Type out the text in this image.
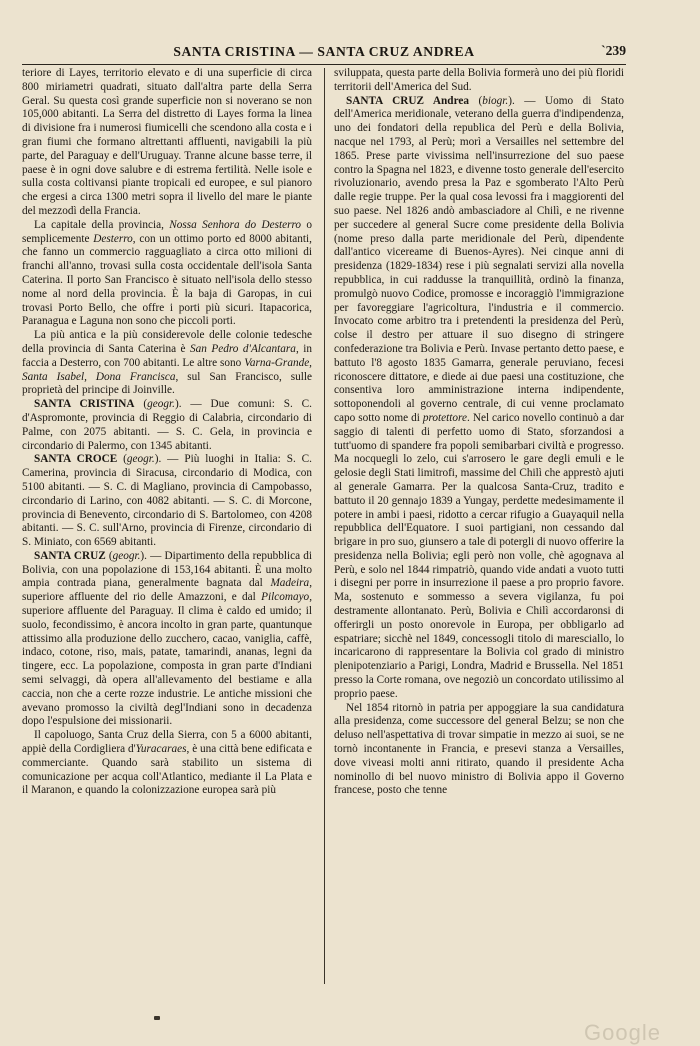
SANTA CRISTINA — SANTA CRUZ ANDREA	`239

teriore di Layes, territorio elevato e di una superficie di circa 800 miriametri quadrati, situato dall'altra parte della Serra Geral. Su questa così grande superficie non si noverano se non 105,000 abitanti. La Serra del distretto di Layes forma la linea di divisione fra i numerosi fiumicelli che scendono alla costa e i gran fiumi che formano altrettanti affluenti, navigabili la più parte, del Paraguay e dell'Uruguay. Tranne alcune basse terre, il paese è in ogni dove salubre e di estrema fertilità. Nelle isole e sulla costa coltivansi piante tropicali ed europee, e sul pianoro che ergesi a circa 1300 metri sopra il livello del mare le piante del mezzodì della Francia.

La capitale della provincia, Nossa Senhora do Desterro o semplicemente Desterro, con un ottimo porto ed 8000 abitanti, che fanno un commercio ragguagliato a circa otto milioni di franchi all'anno, trovasi sulla costa occidentale dell'isola Santa Caterina. Il porto San Francisco è situato nell'isola dello stesso nome al nord della provincia. È la baja di Garopas, in cui trovasi Porto Bello, che offre i porti più sicuri. Itapacorica, Paranagua e Laguna non sono che piccoli porti.

La più antica e la più considerevole delle colonie tedesche della provincia di Santa Caterina è San Pedro d'Alcantara, in faccia a Desterro, con 700 abitanti. Le altre sono Varna-Grande, Santa Isabel, Dona Francisca, sul San Francisco, sulle proprietà del principe di Joinville.

SANTA CRISTINA (geogr.). — Due comuni: S. C. d'Aspromonte, provincia di Reggio di Calabria, circondario di Palme, con 2075 abitanti. — S. C. Gela, in provincia e circondario di Palermo, con 1345 abitanti.

SANTA CROCE (geogr.). — Più luoghi in Italia: S. C. Camerina, provincia di Siracusa, circondario di Modica, con 5100 abitanti. — S. C. di Magliano, provincia di Campobasso, circondario di Larino, con 4082 abitanti. — S. C. di Morcone, provincia di Benevento, circondario di S. Bartolomeo, con 4208 abitanti. — S. C. sull'Arno, provincia di Firenze, circondario di S. Miniato, con 6569 abitanti.

SANTA CRUZ (geogr.). — Dipartimento della repubblica di Bolivia, con una popolazione di 153,164 abitanti. È una molto ampia contrada piana, generalmente bagnata dal Madeira, superiore affluente del rio delle Amazzoni, e dal Pilcomayo, superiore affluente del Paraguay. Il clima è caldo ed umido; il suolo, fecondissimo, è ancora incolto in gran parte, quantunque attissimo alla produzione dello zucchero, cacao, vaniglia, caffè, indaco, cotone, riso, mais, patate, tamarindi, ananas, legni da tingere, ecc. La popolazione, composta in gran parte d'Indiani semi selvaggi, dà opera all'allevamento del bestiame e alla caccia, non che a certe rozze industrie. Le antiche missioni che avevano promosso la civiltà degl'Indiani sono in decadenza dopo l'espulsione dei missionarii.

Il capoluogo, Santa Cruz della Sierra, con 5 a 6000 abitanti, appiè della Cordigliera d'Yuracaraes, è una città bene edificata e commerciante. Quando sarà stabilito un sistema di comunicazione per acqua coll'Atlantico, mediante il La Plata e il Maranon, e quando la colonizzazione europea sarà più

sviluppata, questa parte della Bolivia formerà uno dei più floridi territorii dell'America del Sud.

SANTA CRUZ Andrea (biogr.). — Uomo di Stato dell'America meridionale, veterano della guerra d'indipendenza, uno dei fondatori della republica del Perù e della Bolivia, nacque nel 1793, al Perù; morì a Versailles nel settembre del 1865. Prese parte vivissima nell'insurrezione del suo paese contro la Spagna nel 1823, e divenne tosto generale dell'esercito rivoluzionario, avendo presa la Paz e sgomberato l'Alto Perù dalle regie truppe. Per la qual cosa levossi fra i maggiorenti del suo paese. Nel 1826 andò ambasciadore al Chilì, e ne rivenne per succedere al general Sucre come presidente della Bolivia (nome preso dalla parte meridionale del Perù, dipendente dall'antico vicereame di Buenos-Ayres). Nei cinque anni di presidenza (1829-1834) rese i più segnalati servizi alla novella repubblica, in cui raddusse la tranquillità, ordinò la finanza, promulgò nuovo Codice, promosse e incoraggiò l'immigrazione per favoreggiare l'agricoltura, l'industria e il commercio. Invocato come arbitro tra i pretendenti la presidenza del Perù, colse il destro per attuare il suo disegno di stringere confederazione tra Bolivia e Perù. Invase pertanto detto paese, e battuto l'8 agosto 1835 Gamarra, generale peruviano, fecesi riconoscere dittatore, e diede ai due paesi una costituzione, che consentiva loro amministrazione interna indipendente, sottoponendoli al governo centrale, di cui venne proclamato capo sotto nome di protettore. Nel carico novello continuò a dar saggio di talenti di perfetto uomo di Stato, sforzandosi a tutt'uomo di spandere fra popoli semibarbari civiltà e progresso. Ma nocquegli lo zelo, cui s'arrosero le gare degli emuli e le gelosie degli Stati limitrofi, massime del Chilì che apprestò ajuti al generale Gamarra. Per la qualcosa Santa-Cruz, tradito e battuto il 20 gennajo 1839 a Yungay, perdette medesimamente il potere in ambi i paesi, ridotto a cercar rifugio a Guayaquil nella repubblica dell'Equatore. I suoi partigiani, non cessando dal brigare in pro suo, giunsero a tale di potergli di nuovo offerire la presidenza nella Bolivia; egli però non volle, chè agognava al Perù, e solo nel 1844 rimpatriò, quando vide andati a vuoto tutti i disegni per porre in insurrezione il paese a pro proprio favore. Ma, sostenuto e sommesso a severa vigilanza, fu poi destramente allontanato. Perù, Bolivia e Chilì accordaronsi di offerirgli un posto onorevole in Europa, per obbligarlo ad espatriare; sicchè nel 1849, concessogli titolo di maresciallo, lo incaricarono di rappresentare la Bolivia col grado di ministro plenipotenziario a Parigi, Londra, Madrid e Brussella. Nel 1851 presso la Corte romana, ove negoziò un concordato utilissimo al proprio paese.

Nel 1854 ritornò in patria per appoggiare la sua candidatura alla presidenza, come successore del general Belzu; se non che deluso nell'aspettativa di trovar simpatie in mezzo ai suoi, se ne tornò incontanente in Francia, e presevi stanza a Versailles, dove viveasi molti anni ritirato, quando il presidente Acha nominollo di bel nuovo ministro di Bolivia appo il Governo francese, posto che tenne

Google
